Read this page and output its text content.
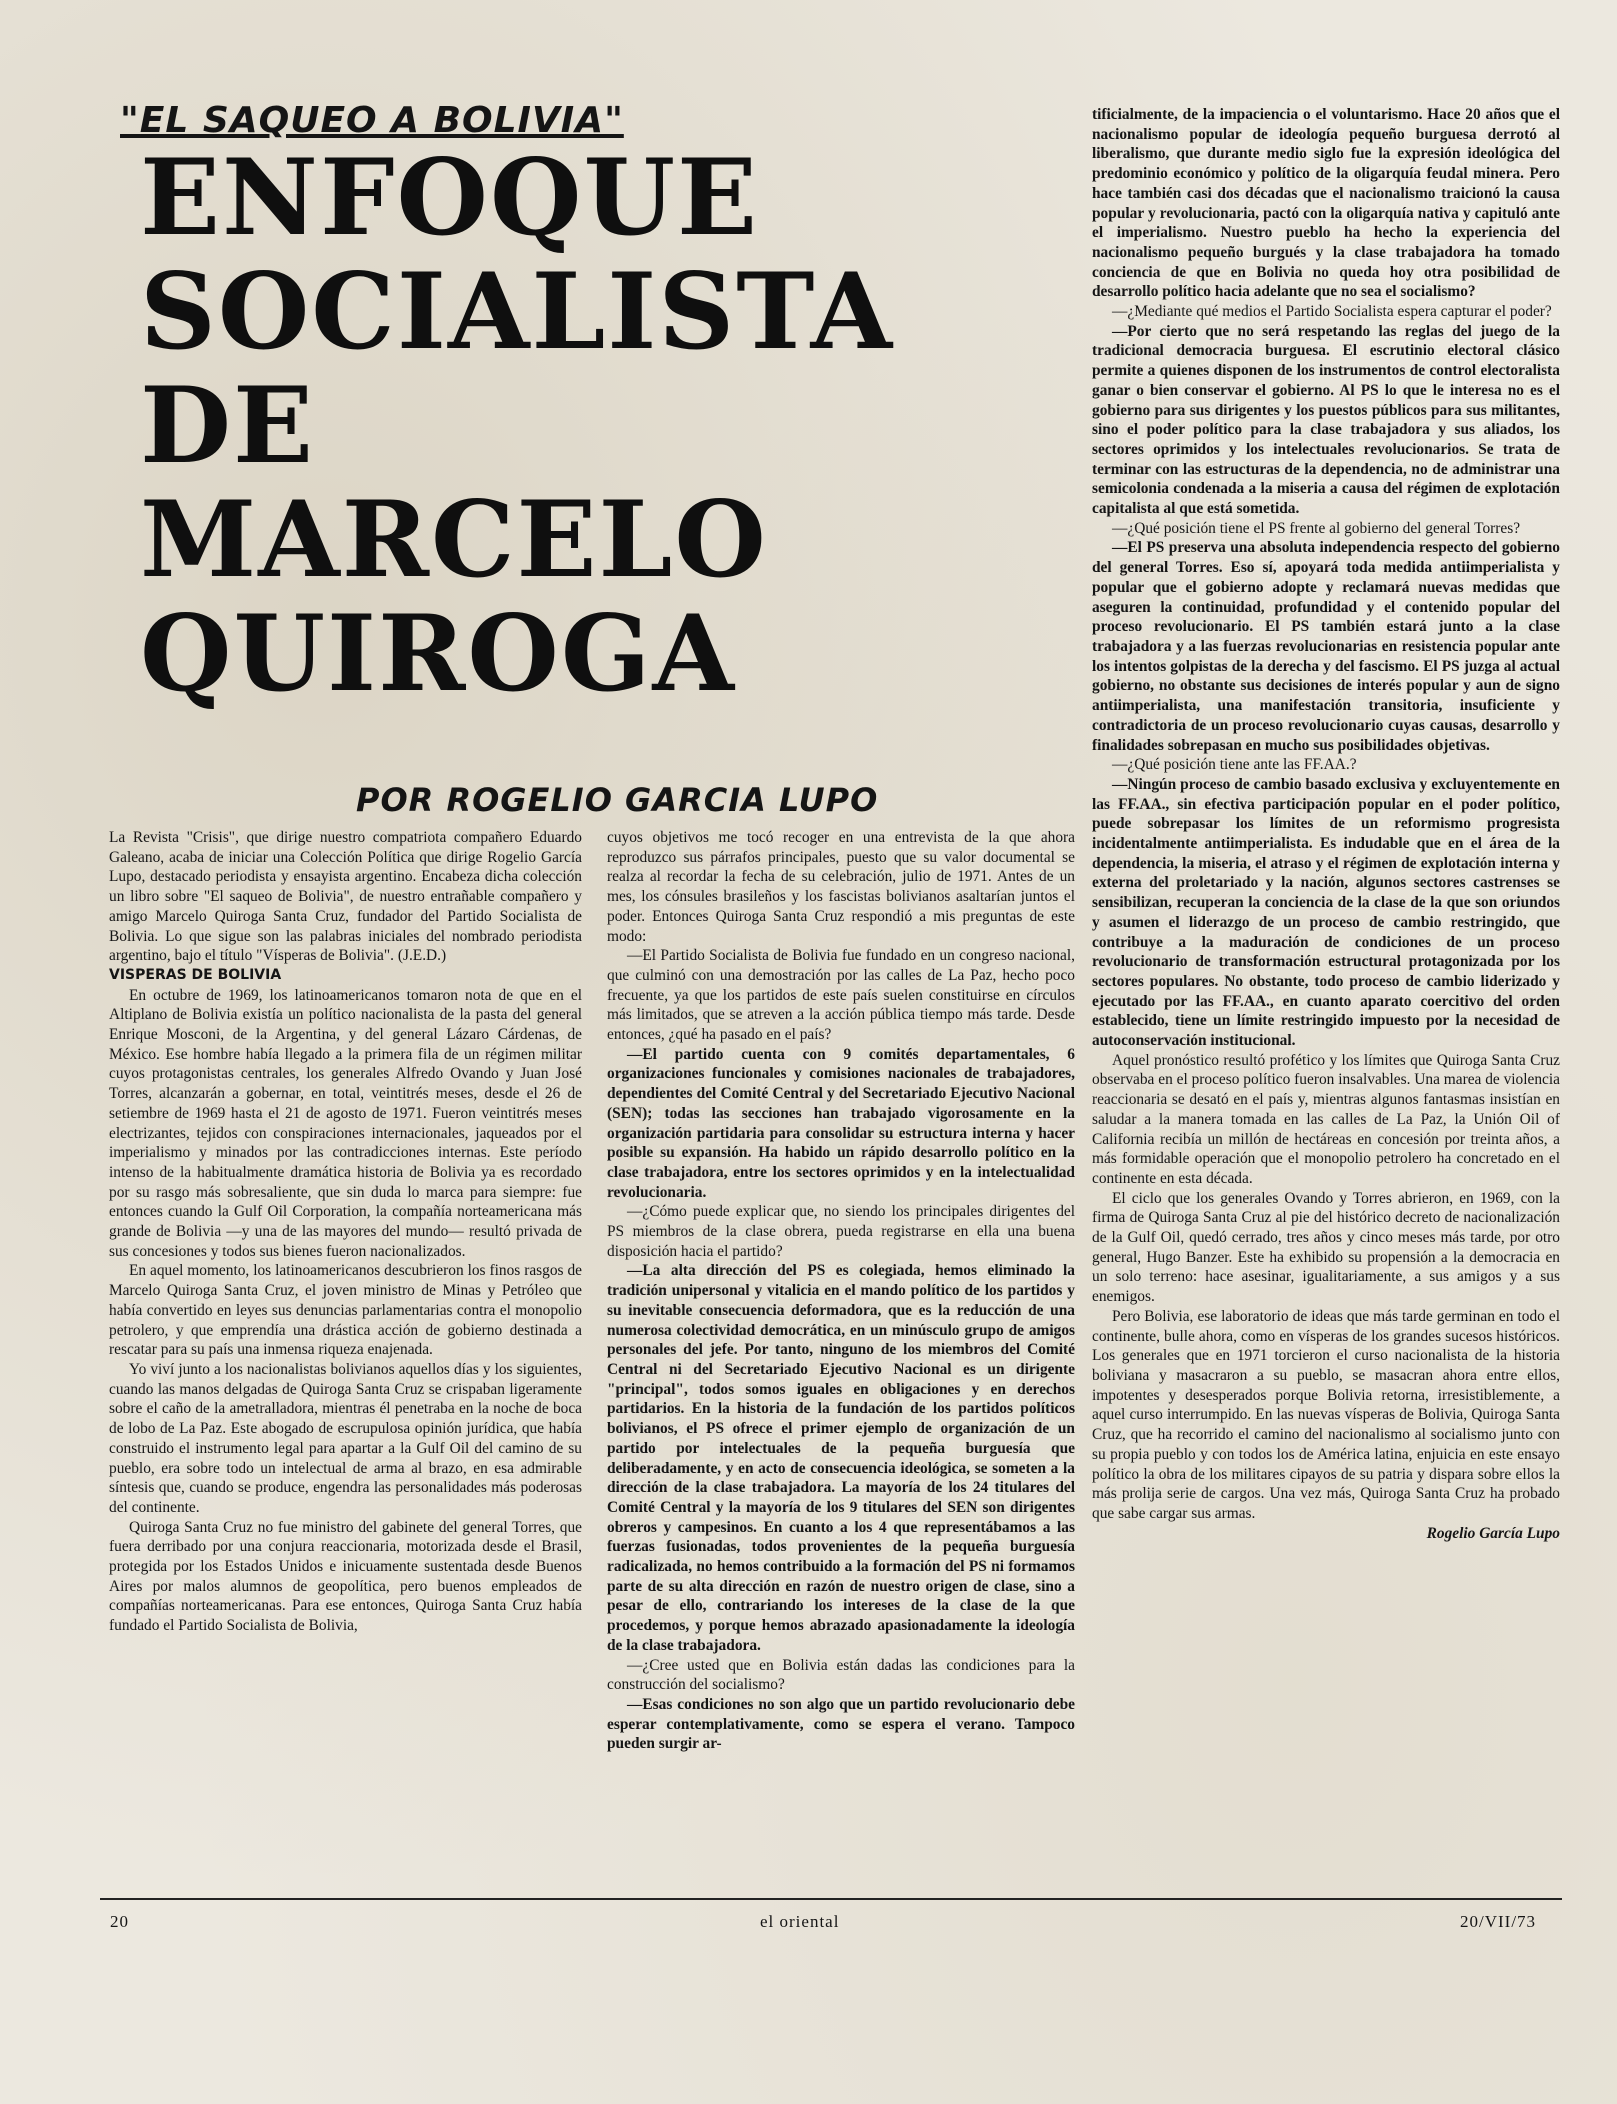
"EL SAQUEO A BOLIVIA"
ENFOQUE
SOCIALISTA
DE
MARCELO
QUIROGA
POR ROGELIO GARCIA LUPO

La Revista "Crisis", que dirige nuestro compatriota compañero Eduardo Galeano, acaba de iniciar una Colección Política que dirige Rogelio García Lupo, destacado periodista y ensayista argentino. Encabeza dicha colección un libro sobre "El saqueo de Bolivia", de nuestro entrañable compañero y amigo Marcelo Quiroga Santa Cruz, fundador del Partido Socialista de Bolivia. Lo que sigue son las palabras iniciales del nombrado periodista argentino, bajo el título "Vísperas de Bolivia". (J.E.D.)

VISPERAS DE BOLIVIA

En octubre de 1969, los latinoamericanos tomaron nota de que en el Altiplano de Bolivia existía un político nacionalista de la pasta del general Enrique Mosconi, de la Argentina, y del general Lázaro Cárdenas, de México. Ese hombre había llegado a la primera fila de un régimen militar cuyos protagonistas centrales, los generales Alfredo Ovando y Juan José Torres, alcanzarán a gobernar, en total, veintitrés meses, desde el 26 de setiembre de 1969 hasta el 21 de agosto de 1971. Fueron veintitrés meses electrizantes, tejidos con conspiraciones internacionales, jaqueados por el imperialismo y minados por las contradicciones internas. Este período intenso de la habitualmente dramática historia de Bolivia ya es recordado por su rasgo más sobresaliente, que sin duda lo marca para siempre: fue entonces cuando la Gulf Oil Corporation, la compañía norteamericana más grande de Bolivia —y una de las mayores del mundo— resultó privada de sus concesiones y todos sus bienes fueron nacionalizados.

En aquel momento, los latinoamericanos descubrieron los finos rasgos de Marcelo Quiroga Santa Cruz, el joven ministro de Minas y Petróleo que había convertido en leyes sus denuncias parlamentarias contra el monopolio petrolero, y que emprendía una drástica acción de gobierno destinada a rescatar para su país una inmensa riqueza enajenada.

Yo viví junto a los nacionalistas bolivianos aquellos días y los siguientes, cuando las manos delgadas de Quiroga Santa Cruz se crispaban ligeramente sobre el caño de la ametralladora, mientras él penetraba en la noche de boca de lobo de La Paz. Este abogado de escrupulosa opinión jurídica, que había construido el instrumento legal para apartar a la Gulf Oil del camino de su pueblo, era sobre todo un intelectual de arma al brazo, en esa admirable síntesis que, cuando se produce, engendra las personalidades más poderosas del continente.

Quiroga Santa Cruz no fue ministro del gabinete del general Torres, que fuera derribado por una conjura reaccionaria, motorizada desde el Brasil, protegida por los Estados Unidos e inicuamente sustentada desde Buenos Aires por malos alumnos de geopolítica, pero buenos empleados de compañías norteamericanas. Para ese entonces, Quiroga Santa Cruz había fundado el Partido Socialista de Bolivia,

cuyos objetivos me tocó recoger en una entrevista de la que ahora reproduzco sus párrafos principales, puesto que su valor documental se realza al recordar la fecha de su celebración, julio de 1971. Antes de un mes, los cónsules brasileños y los fascistas bolivianos asaltarían juntos el poder. Entonces Quiroga Santa Cruz respondió a mis preguntas de este modo:

—El Partido Socialista de Bolivia fue fundado en un congreso nacional, que culminó con una demostración por las calles de La Paz, hecho poco frecuente, ya que los partidos de este país suelen constituirse en círculos más limitados, que se atreven a la acción pública tiempo más tarde. Desde entonces, ¿qué ha pasado en el país?

—El partido cuenta con 9 comités departamentales, 6 organizaciones funcionales y comisiones nacionales de trabajadores, dependientes del Comité Central y del Secretariado Ejecutivo Nacional (SEN); todas las secciones han trabajado vigorosamente en la organización partidaria para consolidar su estructura interna y hacer posible su expansión. Ha habido un rápido desarrollo político en la clase trabajadora, entre los sectores oprimidos y en la intelectualidad revolucionaria.

—¿Cómo puede explicar que, no siendo los principales dirigentes del PS miembros de la clase obrera, pueda registrarse en ella una buena disposición hacia el partido?

—La alta dirección del PS es colegiada, hemos eliminado la tradición unipersonal y vitalicia en el mando político de los partidos y su inevitable consecuencia deformadora, que es la reducción de una numerosa colectividad democrática, en un minúsculo grupo de amigos personales del jefe. Por tanto, ninguno de los miembros del Comité Central ni del Secretariado Ejecutivo Nacional es un dirigente "principal", todos somos iguales en obligaciones y en derechos partidarios. En la historia de la fundación de los partidos políticos bolivianos, el PS ofrece el primer ejemplo de organización de un partido por intelectuales de la pequeña burguesía que deliberadamente, y en acto de consecuencia ideológica, se someten a la dirección de la clase trabajadora. La mayoría de los 24 titulares del Comité Central y la mayoría de los 9 titulares del SEN son dirigentes obreros y campesinos. En cuanto a los 4 que representábamos a las fuerzas fusionadas, todos provenientes de la pequeña burguesía radicalizada, no hemos contribuido a la formación del PS ni formamos parte de su alta dirección en razón de nuestro origen de clase, sino a pesar de ello, contrariando los intereses de la clase de la que procedemos, y porque hemos abrazado apasionadamente la ideología de la clase trabajadora.

—¿Cree usted que en Bolivia están dadas las condiciones para la construcción del socialismo?

—Esas condiciones no son algo que un partido revolucionario debe esperar contemplativamente, como se espera el verano. Tampoco pueden surgir ar-

tificialmente, de la impaciencia o el voluntarismo. Hace 20 años que el nacionalismo popular de ideología pequeño burguesa derrotó al liberalismo, que durante medio siglo fue la expresión ideológica del predominio económico y político de la oligarquía feudal minera. Pero hace también casi dos décadas que el nacionalismo traicionó la causa popular y revolucionaria, pactó con la oligarquía nativa y capituló ante el imperialismo. Nuestro pueblo ha hecho la experiencia del nacionalismo pequeño burgués y la clase trabajadora ha tomado conciencia de que en Bolivia no queda hoy otra posibilidad de desarrollo político hacia adelante que no sea el socialismo?

—¿Mediante qué medios el Partido Socialista espera capturar el poder?

—Por cierto que no será respetando las reglas del juego de la tradicional democracia burguesa. El escrutinio electoral clásico permite a quienes disponen de los instrumentos de control electoralista ganar o bien conservar el gobierno. Al PS lo que le interesa no es el gobierno para sus dirigentes y los puestos públicos para sus militantes, sino el poder político para la clase trabajadora y sus aliados, los sectores oprimidos y los intelectuales revolucionarios. Se trata de terminar con las estructuras de la dependencia, no de administrar una semicolonia condenada a la miseria a causa del régimen de explotación capitalista al que está sometida.

—¿Qué posición tiene el PS frente al gobierno del general Torres?

—El PS preserva una absoluta independencia respecto del gobierno del general Torres. Eso sí, apoyará toda medida antiimperialista y popular que el gobierno adopte y reclamará nuevas medidas que aseguren la continuidad, profundidad y el contenido popular del proceso revolucionario. El PS también estará junto a la clase trabajadora y a las fuerzas revolucionarias en resistencia popular ante los intentos golpistas de la derecha y del fascismo. El PS juzga al actual gobierno, no obstante sus decisiones de interés popular y aun de signo antiimperialista, una manifestación transitoria, insuficiente y contradictoria de un proceso revolucionario cuyas causas, desarrollo y finalidades sobrepasan en mucho sus posibilidades objetivas.

—¿Qué posición tiene ante las FF.AA.?

—Ningún proceso de cambio basado exclusiva y excluyentemente en las FF.AA., sin efectiva participación popular en el poder político, puede sobrepasar los límites de un reformismo progresista incidentalmente antiimperialista. Es indudable que en el área de la dependencia, la miseria, el atraso y el régimen de explotación interna y externa del proletariado y la nación, algunos sectores castrenses se sensibilizan, recuperan la conciencia de la clase de la que son oriundos y asumen el liderazgo de un proceso de cambio restringido, que contribuye a la maduración de condiciones de un proceso revolucionario de transformación estructural protagonizada por los sectores populares. No obstante, todo proceso de cambio liderizado y ejecutado por las FF.AA., en cuanto aparato coercitivo del orden establecido, tiene un límite restringido impuesto por la necesidad de autoconservación institucional.

Aquel pronóstico resultó profético y los límites que Quiroga Santa Cruz observaba en el proceso político fueron insalvables. Una marea de violencia reaccionaria se desató en el país y, mientras algunos fantasmas insistían en saludar a la manera tomada en las calles de La Paz, la Unión Oil of California recibía un millón de hectáreas en concesión por treinta años, a más formidable operación que el monopolio petrolero ha concretado en el continente en esta década.

El ciclo que los generales Ovando y Torres abrieron, en 1969, con la firma de Quiroga Santa Cruz al pie del histórico decreto de nacionalización de la Gulf Oil, quedó cerrado, tres años y cinco meses más tarde, por otro general, Hugo Banzer. Este ha exhibido su propensión a la democracia en un solo terreno: hace asesinar, igualitariamente, a sus amigos y a sus enemigos.

Pero Bolivia, ese laboratorio de ideas que más tarde germinan en todo el continente, bulle ahora, como en vísperas de los grandes sucesos históricos. Los generales que en 1971 torcieron el curso nacionalista de la historia boliviana y masacraron a su pueblo, se masacran ahora entre ellos, impotentes y desesperados porque Bolivia retorna, irresistiblemente, a aquel curso interrumpido. En las nuevas vísperas de Bolivia, Quiroga Santa Cruz, que ha recorrido el camino del nacionalismo al socialismo junto con su propia pueblo y con todos los de América latina, enjuicia en este ensayo político la obra de los militares cipayos de su patria y dispara sobre ellos la más prolija serie de cargos. Una vez más, Quiroga Santa Cruz ha probado que sabe cargar sus armas.

Rogelio García Lupo

20	el oriental	20/VII/73
